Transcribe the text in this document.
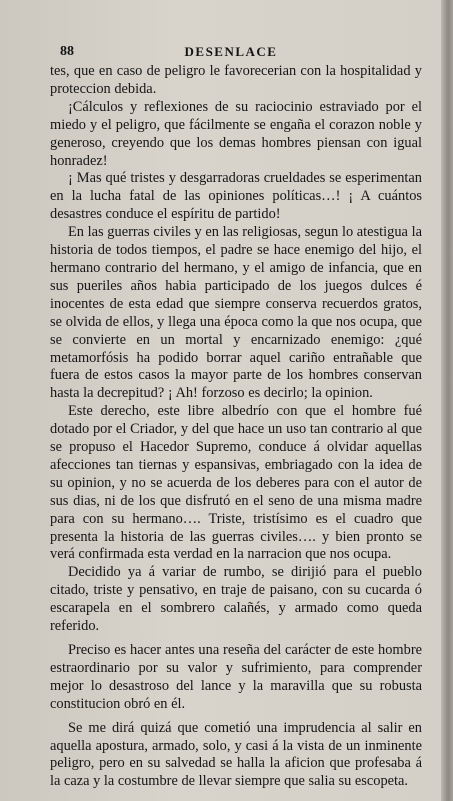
88	DESENLACE

tes, que en caso de peligro le favorecerian con la hospitalidad y proteccion debida.

¡Cálculos y reflexiones de su raciocinio estraviado por el miedo y el peligro, que fácilmente se engaña el corazon noble y generoso, creyendo que los demas hombres piensan con igual honradez!

¡ Mas qué tristes y desgarradoras crueldades se esperimentan en la lucha fatal de las opiniones políticas…! ¡ A cuántos desastres conduce el espíritu de partido!

En las guerras civiles y en las religiosas, segun lo atestigua la historia de todos tiempos, el padre se hace enemigo del hijo, el hermano contrario del hermano, y el amigo de infancia, que en sus pueriles años habia participado de los juegos dulces é inocentes de esta edad que siempre conserva recuerdos gratos, se olvida de ellos, y llega una época como la que nos ocupa, que se convierte en un mortal y encarnizado enemigo: ¿qué metamorfósis ha podido borrar aquel cariño entrañable que fuera de estos casos la mayor parte de los hombres conservan hasta la decrepitud? ¡ Ah! forzoso es decirlo; la opinion.

Este derecho, este libre albedrío con que el hombre fué dotado por el Criador, y del que hace un uso tan contrario al que se propuso el Hacedor Supremo, conduce á olvidar aquellas afecciones tan tiernas y espansivas, embriagado con la idea de su opinion, y no se acuerda de los deberes para con el autor de sus dias, ni de los que disfrutó en el seno de una misma madre para con su hermano…. Triste, tristísimo es el cuadro que presenta la historia de las guerras civiles…. y bien pronto se verá confirmada esta verdad en la narracion que nos ocupa.

Decidido ya á variar de rumbo, se dirijió para el pueblo citado, triste y pensativo, en traje de paisano, con su cucarda ó escarapela en el sombrero calañés, y armado como queda referido.

Preciso es hacer antes una reseña del carácter de este hombre estraordinario por su valor y sufrimiento, para comprender mejor lo desastroso del lance y la maravilla que su robusta constitucion obró en él.

Se me dirá quizá que cometió una imprudencia al salir en aquella apostura, armado, solo, y casi á la vista de un inminente peligro, pero en su salvedad se halla la aficion que profesaba á la caza y la costumbre de llevar siempre que salia su escopeta.
